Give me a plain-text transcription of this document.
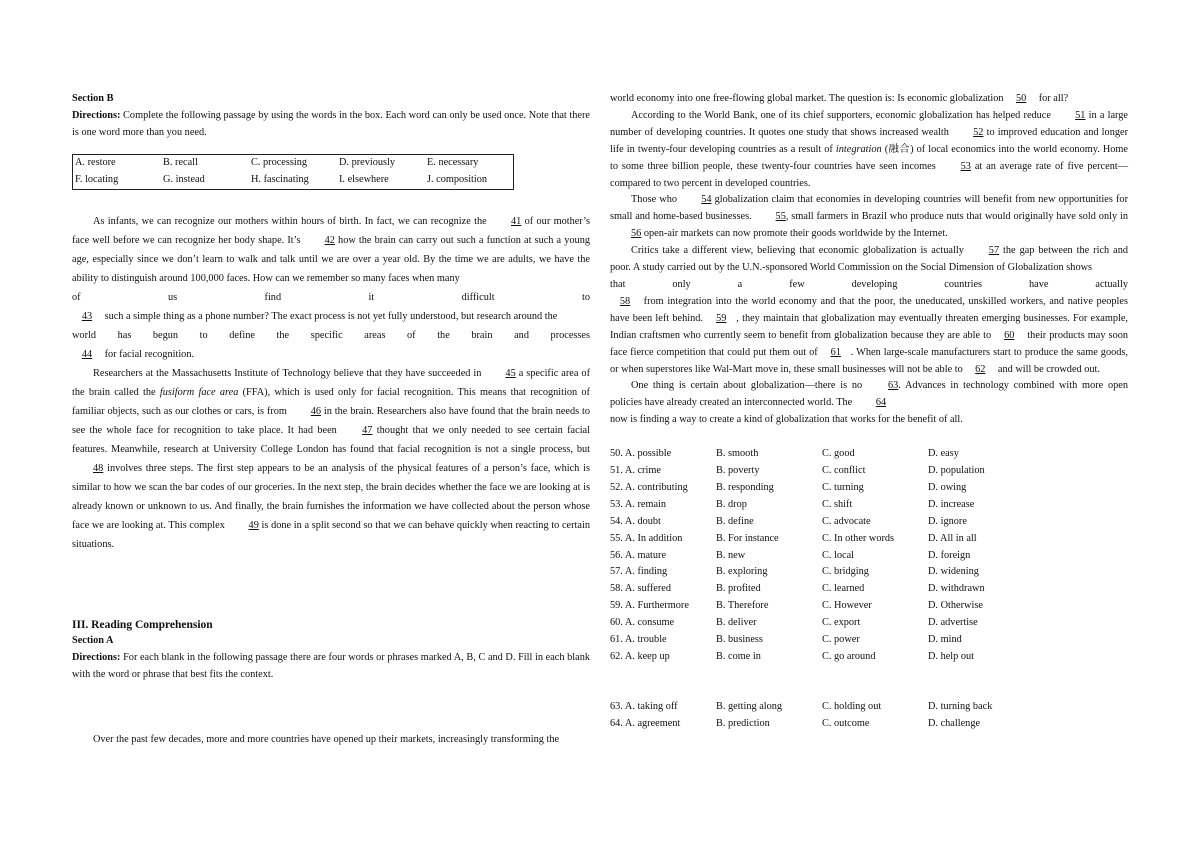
Section B
Directions: Complete the following passage by using the words in the box. Each word can only be used once. Note that there is one word more than you need.
A. restore	B. recall	C. processing	D. previously	E. necessary
F. locating	G. instead	H. fascinating	I. elsewhere	J. composition
As infants, we can recognize our mothers within hours of birth. In fact, we can recognize the 41 of our mother’s face well before we can recognize her body shape. It’s 42 how the brain can carry out such a function at such a young age, especially since we don’t learn to walk and talk until we are over a year old. By the time we are adults, we have the ability to distinguish around 100,000 faces. How can we remember so many faces when many
of us find it difficult to
43 such a simple thing as a phone number? The exact process is not yet fully understood, but research around the
world has begun to define the specific areas of the brain and processes
44 for facial recognition.
Researchers at the Massachusetts Institute of Technology believe that they have succeeded in 45 a specific area of the brain called the fusiform face area (FFA), which is used only for facial recognition. This means that recognition of familiar objects, such as our clothes or cars, is from 46 in the brain. Researchers also have found that the brain needs to see the whole face for recognition to take place. It had been 47 thought that we only needed to see certain facial features. Meanwhile, research at University College London has found that facial recognition is not a single process, but 48 involves three steps. The first step appears to be an analysis of the physical features of a person’s face, which is similar to how we scan the bar codes of our groceries. In the next step, the brain decides whether the face we are looking at is already known or unknown to us. And finally, the brain furnishes the information we have collected about the person whose face we are looking at. This complex 49 is done in a split second so that we can behave quickly when reacting to certain situations.
III. Reading Comprehension
Section A
Directions: For each blank in the following passage there are four words or phrases marked A, B, C and D. Fill in each blank with the word or phrase that best fits the context.
Over the past few decades, more and more countries have opened up their markets, increasingly transforming the
world economy into one free-flowing global market. The question is: Is economic globalization 50 for all?
According to the World Bank, one of its chief supporters, economic globalization has helped reduce 51 in a large number of developing countries. It quotes one study that shows increased wealth 52 to improved education and longer life in twenty-four developing countries as a result of integration (融合) of local economics into the world economy. Home to some three billion people, these twenty-four countries have seen incomes 53 at an average rate of five percent—compared to two percent in developed countries.
Those who 54 globalization claim that economies in developing countries will benefit from new opportunities for small and home-based businesses. 55, small farmers in Brazil who produce nuts that would originally have sold only in 56 open-air markets can now promote their goods worldwide by the Internet.
Critics take a different view, believing that economic globalization is actually 57 the gap between the rich and poor. A study carried out by the U.N.-sponsored World Commission on the Social Dimension of Globalization shows
that only a few developing countries have actually
58 from integration into the world economy and that the poor, the uneducated, unskilled workers, and native peoples have been left behind. 59 , they maintain that globalization may eventually threaten emerging businesses. For example, Indian craftsmen who currently seem to benefit from globalization because they are able to 60 their products may soon face fierce competition that could put them out of 61 . When large-scale manufacturers start to produce the same goods, or when superstores like Wal-Mart move in, these small businesses will not be able to 62 and will be crowded out.
One thing is certain about globalization—there is no 63. Advances in technology combined with more open policies have already created an interconnected world. The 64
now is finding a way to create a kind of globalization that works for the benefit of all.
50. A. possible	B. smooth	C. good	D. easy
51. A. crime	B. poverty	C. conflict	D. population
52. A. contributing	B. responding	C. turning	D. owing
53. A. remain	B. drop	C. shift	D. increase
54. A. doubt	B. define	C. advocate	D. ignore
55. A. In addition	B. For instance	C. In other words	D. All in all
56. A. mature	B. new	C. local	D. foreign
57. A. finding	B. exploring	C. bridging	D. widening
58. A. suffered	B. profited	C. learned	D. withdrawn
59. A. Furthermore	B. Therefore	C. However	D. Otherwise
60. A. consume	B. deliver	C. export	D. advertise
61. A. trouble	B. business	C. power	D. mind
62. A. keep up	B. come in	C. go around	D. help out
63. A. taking off	B. getting along	C. holding out	D. turning back
64. A. agreement	B. prediction	C. outcome	D. challenge
